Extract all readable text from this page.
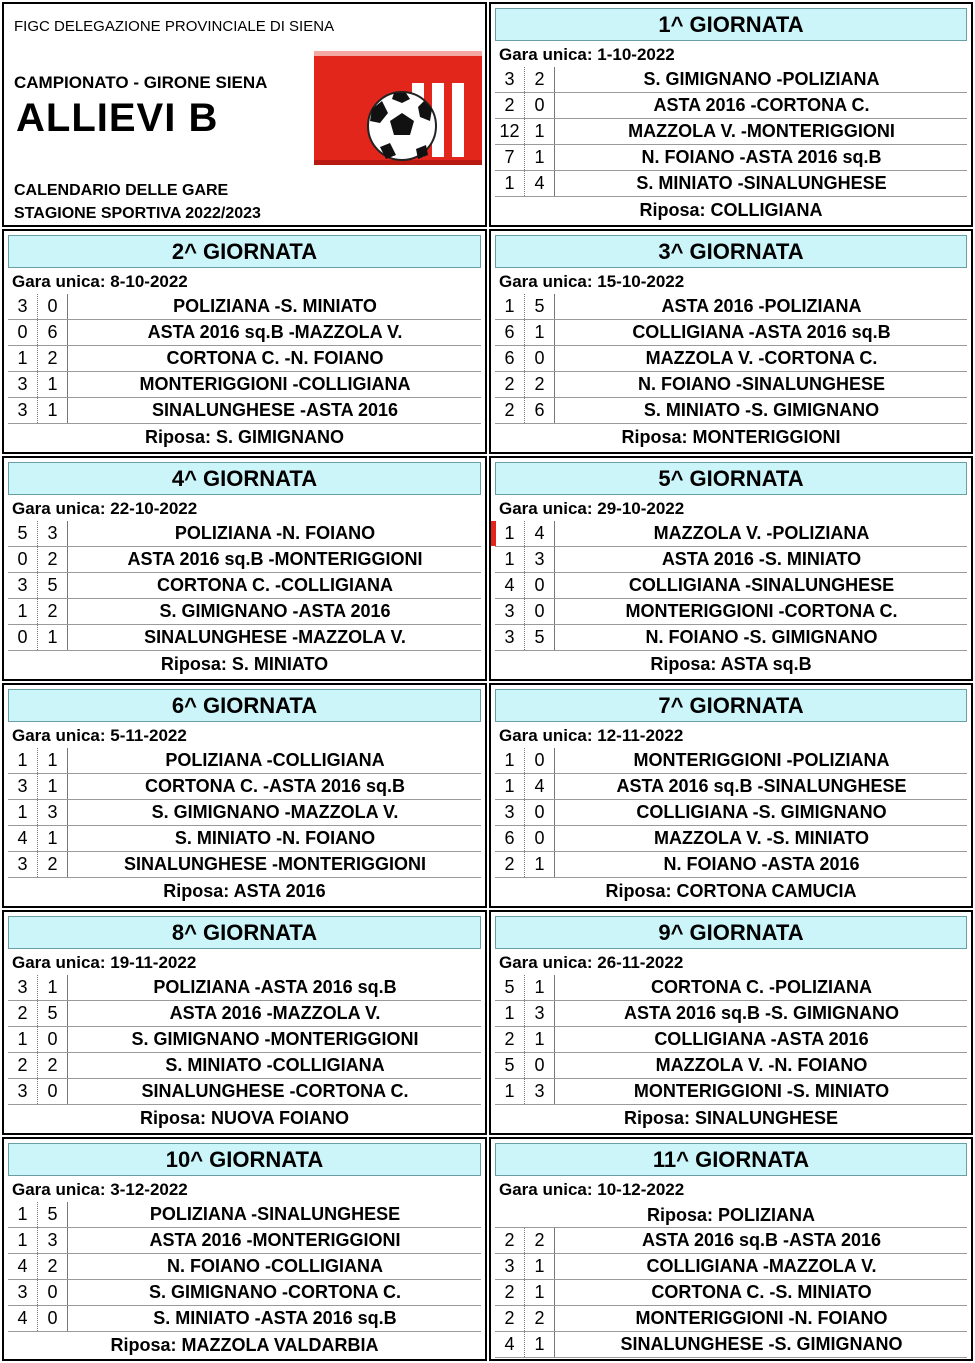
FIGC DELEGAZIONE PROVINCIALE DI SIENA
CAMPIONATO - GIRONE SIENA
ALLIEVI B
CALENDARIO DELLE GARE
STAGIONE SPORTIVA 2022/2023
1^ GIORNATA
Gara unica: 1-10-2022
3	2	S. GIMIGNANO -POLIZIANA
2	0	ASTA 2016 -CORTONA C.
12 1	MAZZOLA V. -MONTERIGGIONI
7	1	N. FOIANO -ASTA 2016 sq.B
1	4	S. MINIATO -SINALUNGHESE
Riposa: COLLIGIANA
2^ GIORNATA
Gara unica: 8-10-2022
3	0	POLIZIANA -S. MINIATO
0	6	ASTA 2016 sq.B -MAZZOLA V.
1	2	CORTONA C. -N. FOIANO
3	1	MONTERIGGIONI -COLLIGIANA
3	1	SINALUNGHESE -ASTA 2016
Riposa: S. GIMIGNANO
3^ GIORNATA
Gara unica: 15-10-2022
1	5	ASTA 2016 -POLIZIANA
6	1	COLLIGIANA -ASTA 2016 sq.B
6	0	MAZZOLA V. -CORTONA C.
2	2	N. FOIANO -SINALUNGHESE
2	6	S. MINIATO -S. GIMIGNANO
Riposa: MONTERIGGIONI
4^ GIORNATA
Gara unica: 22-10-2022
5	3	POLIZIANA -N. FOIANO
0	2	ASTA 2016 sq.B -MONTERIGGIONI
3	5	CORTONA C. -COLLIGIANA
1	2	S. GIMIGNANO -ASTA 2016
0	1	SINALUNGHESE -MAZZOLA V.
Riposa: S. MINIATO
5^ GIORNATA
Gara unica: 29-10-2022
1	4	MAZZOLA V. -POLIZIANA
1	3	ASTA 2016 -S. MINIATO
4	0	COLLIGIANA -SINALUNGHESE
3	0	MONTERIGGIONI -CORTONA C.
3	5	N. FOIANO -S. GIMIGNANO
Riposa: ASTA sq.B
6^ GIORNATA
Gara unica: 5-11-2022
1	1	POLIZIANA -COLLIGIANA
3	1	CORTONA C. -ASTA 2016 sq.B
1	3	S. GIMIGNANO -MAZZOLA V.
4	1	S. MINIATO -N. FOIANO
3	2	SINALUNGHESE -MONTERIGGIONI
Riposa: ASTA 2016
7^ GIORNATA
Gara unica: 12-11-2022
1	0	MONTERIGGIONI -POLIZIANA
1	4	ASTA 2016 sq.B -SINALUNGHESE
3	0	COLLIGIANA -S. GIMIGNANO
6	0	MAZZOLA V. -S. MINIATO
2	1	N. FOIANO -ASTA 2016
Riposa: CORTONA CAMUCIA
8^ GIORNATA
Gara unica: 19-11-2022
3	1	POLIZIANA -ASTA 2016 sq.B
2	5	ASTA 2016 -MAZZOLA V.
1	0	S. GIMIGNANO -MONTERIGGIONI
2	2	S. MINIATO -COLLIGIANA
3	0	SINALUNGHESE -CORTONA C.
Riposa: NUOVA FOIANO
9^ GIORNATA
Gara unica: 26-11-2022
5	1	CORTONA C. -POLIZIANA
1	3	ASTA 2016 sq.B -S. GIMIGNANO
2	1	COLLIGIANA -ASTA 2016
5	0	MAZZOLA V. -N. FOIANO
1	3	MONTERIGGIONI -S. MINIATO
Riposa: SINALUNGHESE
10^ GIORNATA
Gara unica: 3-12-2022
1	5	POLIZIANA -SINALUNGHESE
1	3	ASTA 2016 -MONTERIGGIONI
4	2	N. FOIANO -COLLIGIANA
3	0	S. GIMIGNANO -CORTONA C.
4	0	S. MINIATO -ASTA 2016 sq.B
Riposa: MAZZOLA VALDARBIA
11^ GIORNATA
Gara unica: 10-12-2022
Riposa: POLIZIANA
2	2	ASTA 2016 sq.B -ASTA 2016
3	1	COLLIGIANA -MAZZOLA V.
2	1	CORTONA C. -S. MINIATO
2	2	MONTERIGGIONI -N. FOIANO
4	1	SINALUNGHESE -S. GIMIGNANO
